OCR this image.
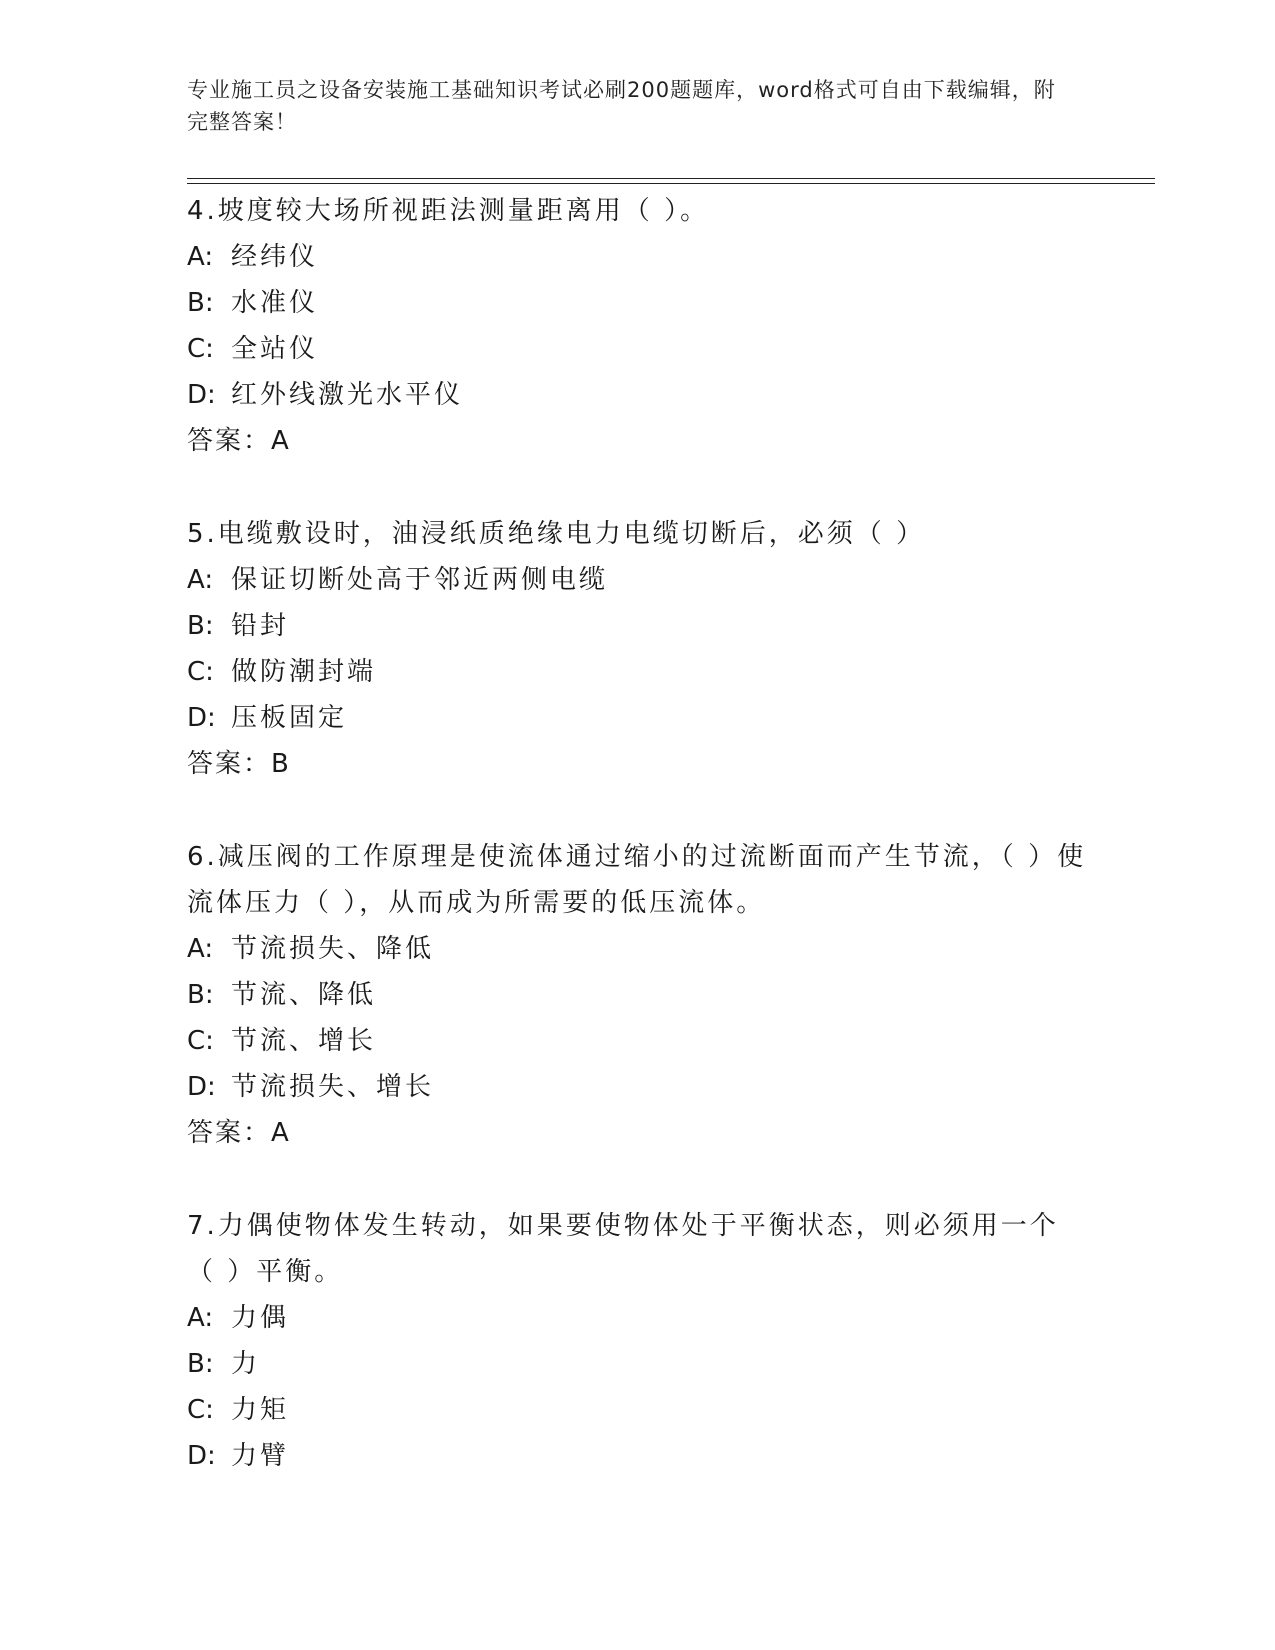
专业施工员之设备安装施工基础知识考试必刷200题题库，word格式可自由下载编辑，附完整答案！
4.坡度较大场所视距法测量距离用（ ）。
A: 经纬仪
B: 水准仪
C: 全站仪
D: 红外线激光水平仪
答案：A
5.电缆敷设时，油浸纸质绝缘电力电缆切断后，必须（ ）
A: 保证切断处高于邻近两侧电缆
B: 铅封
C: 做防潮封端
D: 压板固定
答案：B
6.减压阀的工作原理是使流体通过缩小的过流断面而产生节流，（ ）使流体压力（ ），从而成为所需要的低压流体。
A: 节流损失、降低
B: 节流、降低
C: 节流、增长
D: 节流损失、增长
答案：A
7.力偶使物体发生转动，如果要使物体处于平衡状态，则必须用一个（ ）平衡。
A: 力偶
B: 力
C: 力矩
D: 力臂
